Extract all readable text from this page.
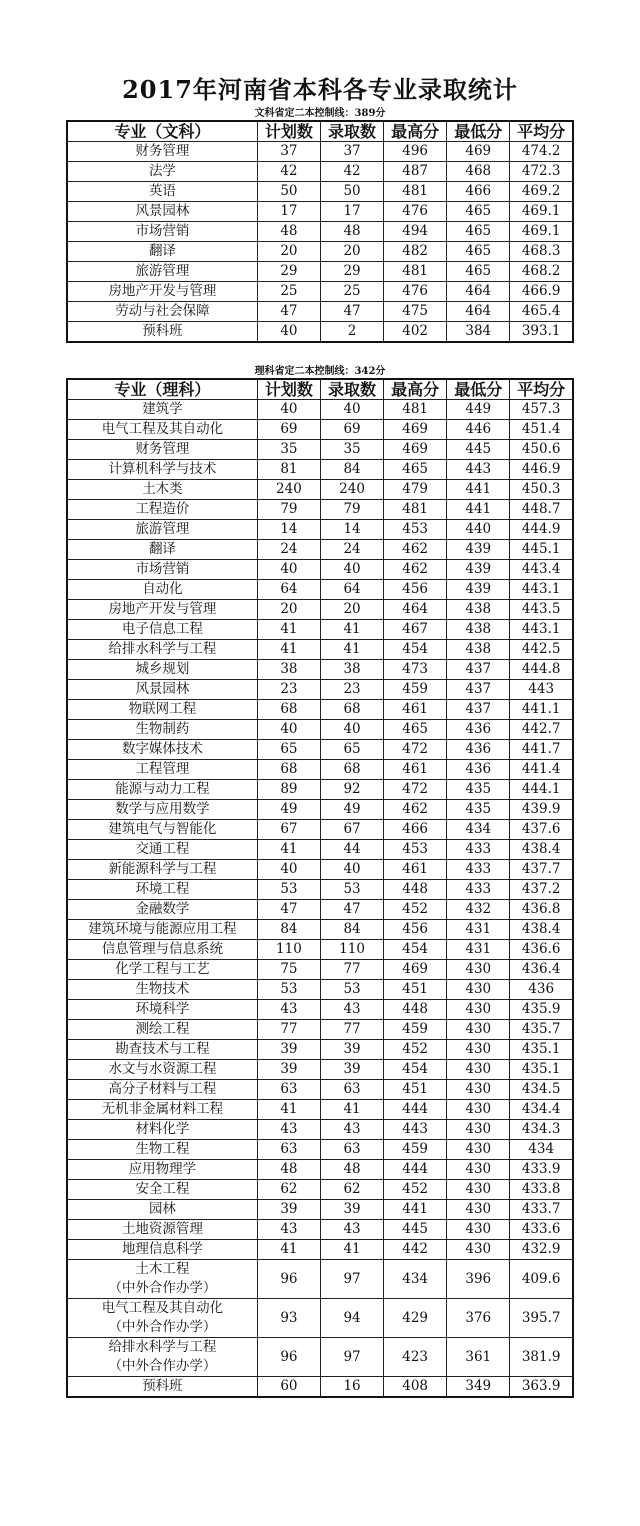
2017年河南省本科各专业录取统计
文科省定二本控制线：389分
专业（文科）	计划数	录取数	最高分	最低分	平均分
财务管理	37	37	496	469	474.2
法学	42	42	487	468	472.3
英语	50	50	481	466	469.2
风景园林	17	17	476	465	469.1
市场营销	48	48	494	465	469.1
翻译	20	20	482	465	468.3
旅游管理	29	29	481	465	468.2
房地产开发与管理	25	25	476	464	466.9
劳动与社会保障	47	47	475	464	465.4
预科班	40	2	402	384	393.1
理科省定二本控制线：342分
专业（理科）	计划数	录取数	最高分	最低分	平均分
建筑学	40	40	481	449	457.3
电气工程及其自动化	69	69	469	446	451.4
财务管理	35	35	469	445	450.6
计算机科学与技术	81	84	465	443	446.9
土木类	240	240	479	441	450.3
工程造价	79	79	481	441	448.7
旅游管理	14	14	453	440	444.9
翻译	24	24	462	439	445.1
市场营销	40	40	462	439	443.4
自动化	64	64	456	439	443.1
房地产开发与管理	20	20	464	438	443.5
电子信息工程	41	41	467	438	443.1
给排水科学与工程	41	41	454	438	442.5
城乡规划	38	38	473	437	444.8
风景园林	23	23	459	437	443
物联网工程	68	68	461	437	441.1
生物制药	40	40	465	436	442.7
数字媒体技术	65	65	472	436	441.7
工程管理	68	68	461	436	441.4
能源与动力工程	89	92	472	435	444.1
数学与应用数学	49	49	462	435	439.9
建筑电气与智能化	67	67	466	434	437.6
交通工程	41	44	453	433	438.4
新能源科学与工程	40	40	461	433	437.7
环境工程	53	53	448	433	437.2
金融数学	47	47	452	432	436.8
建筑环境与能源应用工程	84	84	456	431	438.4
信息管理与信息系统	110	110	454	431	436.6
化学工程与工艺	75	77	469	430	436.4
生物技术	53	53	451	430	436
环境科学	43	43	448	430	435.9
测绘工程	77	77	459	430	435.7
勘查技术与工程	39	39	452	430	435.1
水文与水资源工程	39	39	454	430	435.1
高分子材料与工程	63	63	451	430	434.5
无机非金属材料工程	41	41	444	430	434.4
材料化学	43	43	443	430	434.3
生物工程	63	63	459	430	434
应用物理学	48	48	444	430	433.9
安全工程	62	62	452	430	433.8
园林	39	39	441	430	433.7
土地资源管理	43	43	445	430	433.6
地理信息科学	41	41	442	430	432.9
土木工程
（中外合作办学）	96	97	434	396	409.6
电气工程及其自动化
（中外合作办学）	93	94	429	376	395.7
给排水科学与工程
（中外合作办学）	96	97	423	361	381.9
预科班	60	16	408	349	363.9
